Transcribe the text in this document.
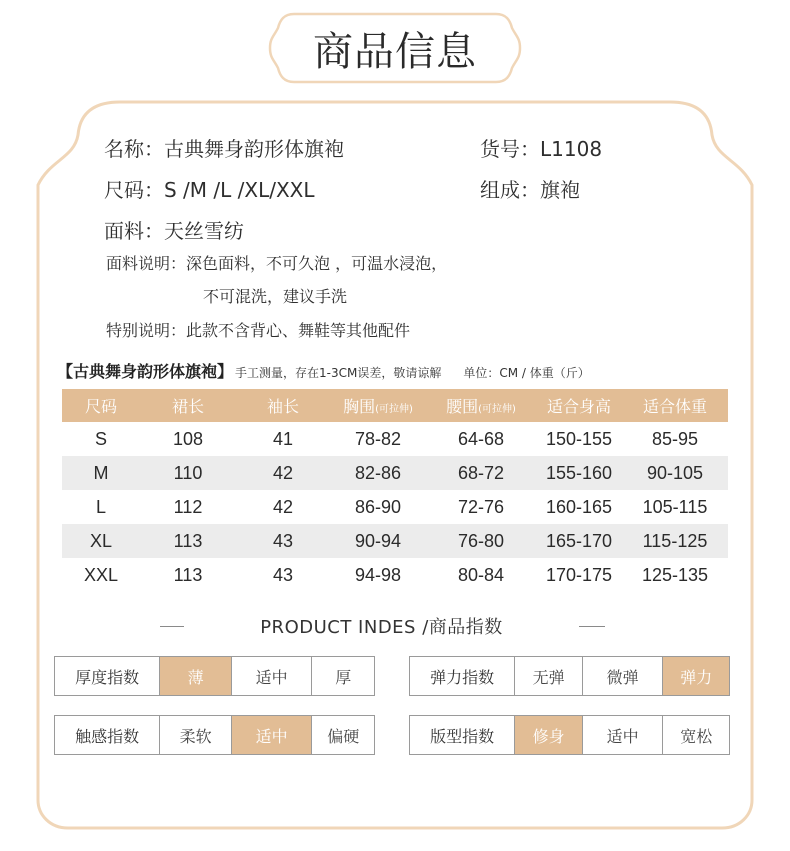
商品信息
名称：古典舞身韵形体旗袍	货号：L1108
尺码：S /M /L /XL/XXL	组成：旗袍
面料：天丝雪纺
面料说明：深色面料，不可久泡 ，可温水浸泡，
不可混洗，建议手洗
特别说明：此款不含背心、舞鞋等其他配件
【古典舞身韵形体旗袍】 手工测量，存在1-3CM误差，敬请谅解 单位：CM / 体重（斤）
尺码	裙长	袖长	胸围(可拉伸)	腰围(可拉伸)	适合身高	适合体重
S	108	41	78-82	64-68	150-155	85-95
M	110	42	82-86	68-72	155-160	90-105
L	112	42	86-90	72-76	160-165	105-115
XL	113	43	90-94	76-80	165-170	115-125
XXL	113	43	94-98	80-84	170-175	125-135
PRODUCT INDES /商品指数
厚度指数	薄	适中	厚	弹力指数	无弹	微弹	弹力
触感指数	柔软	适中	偏硬	版型指数	修身	适中	宽松
